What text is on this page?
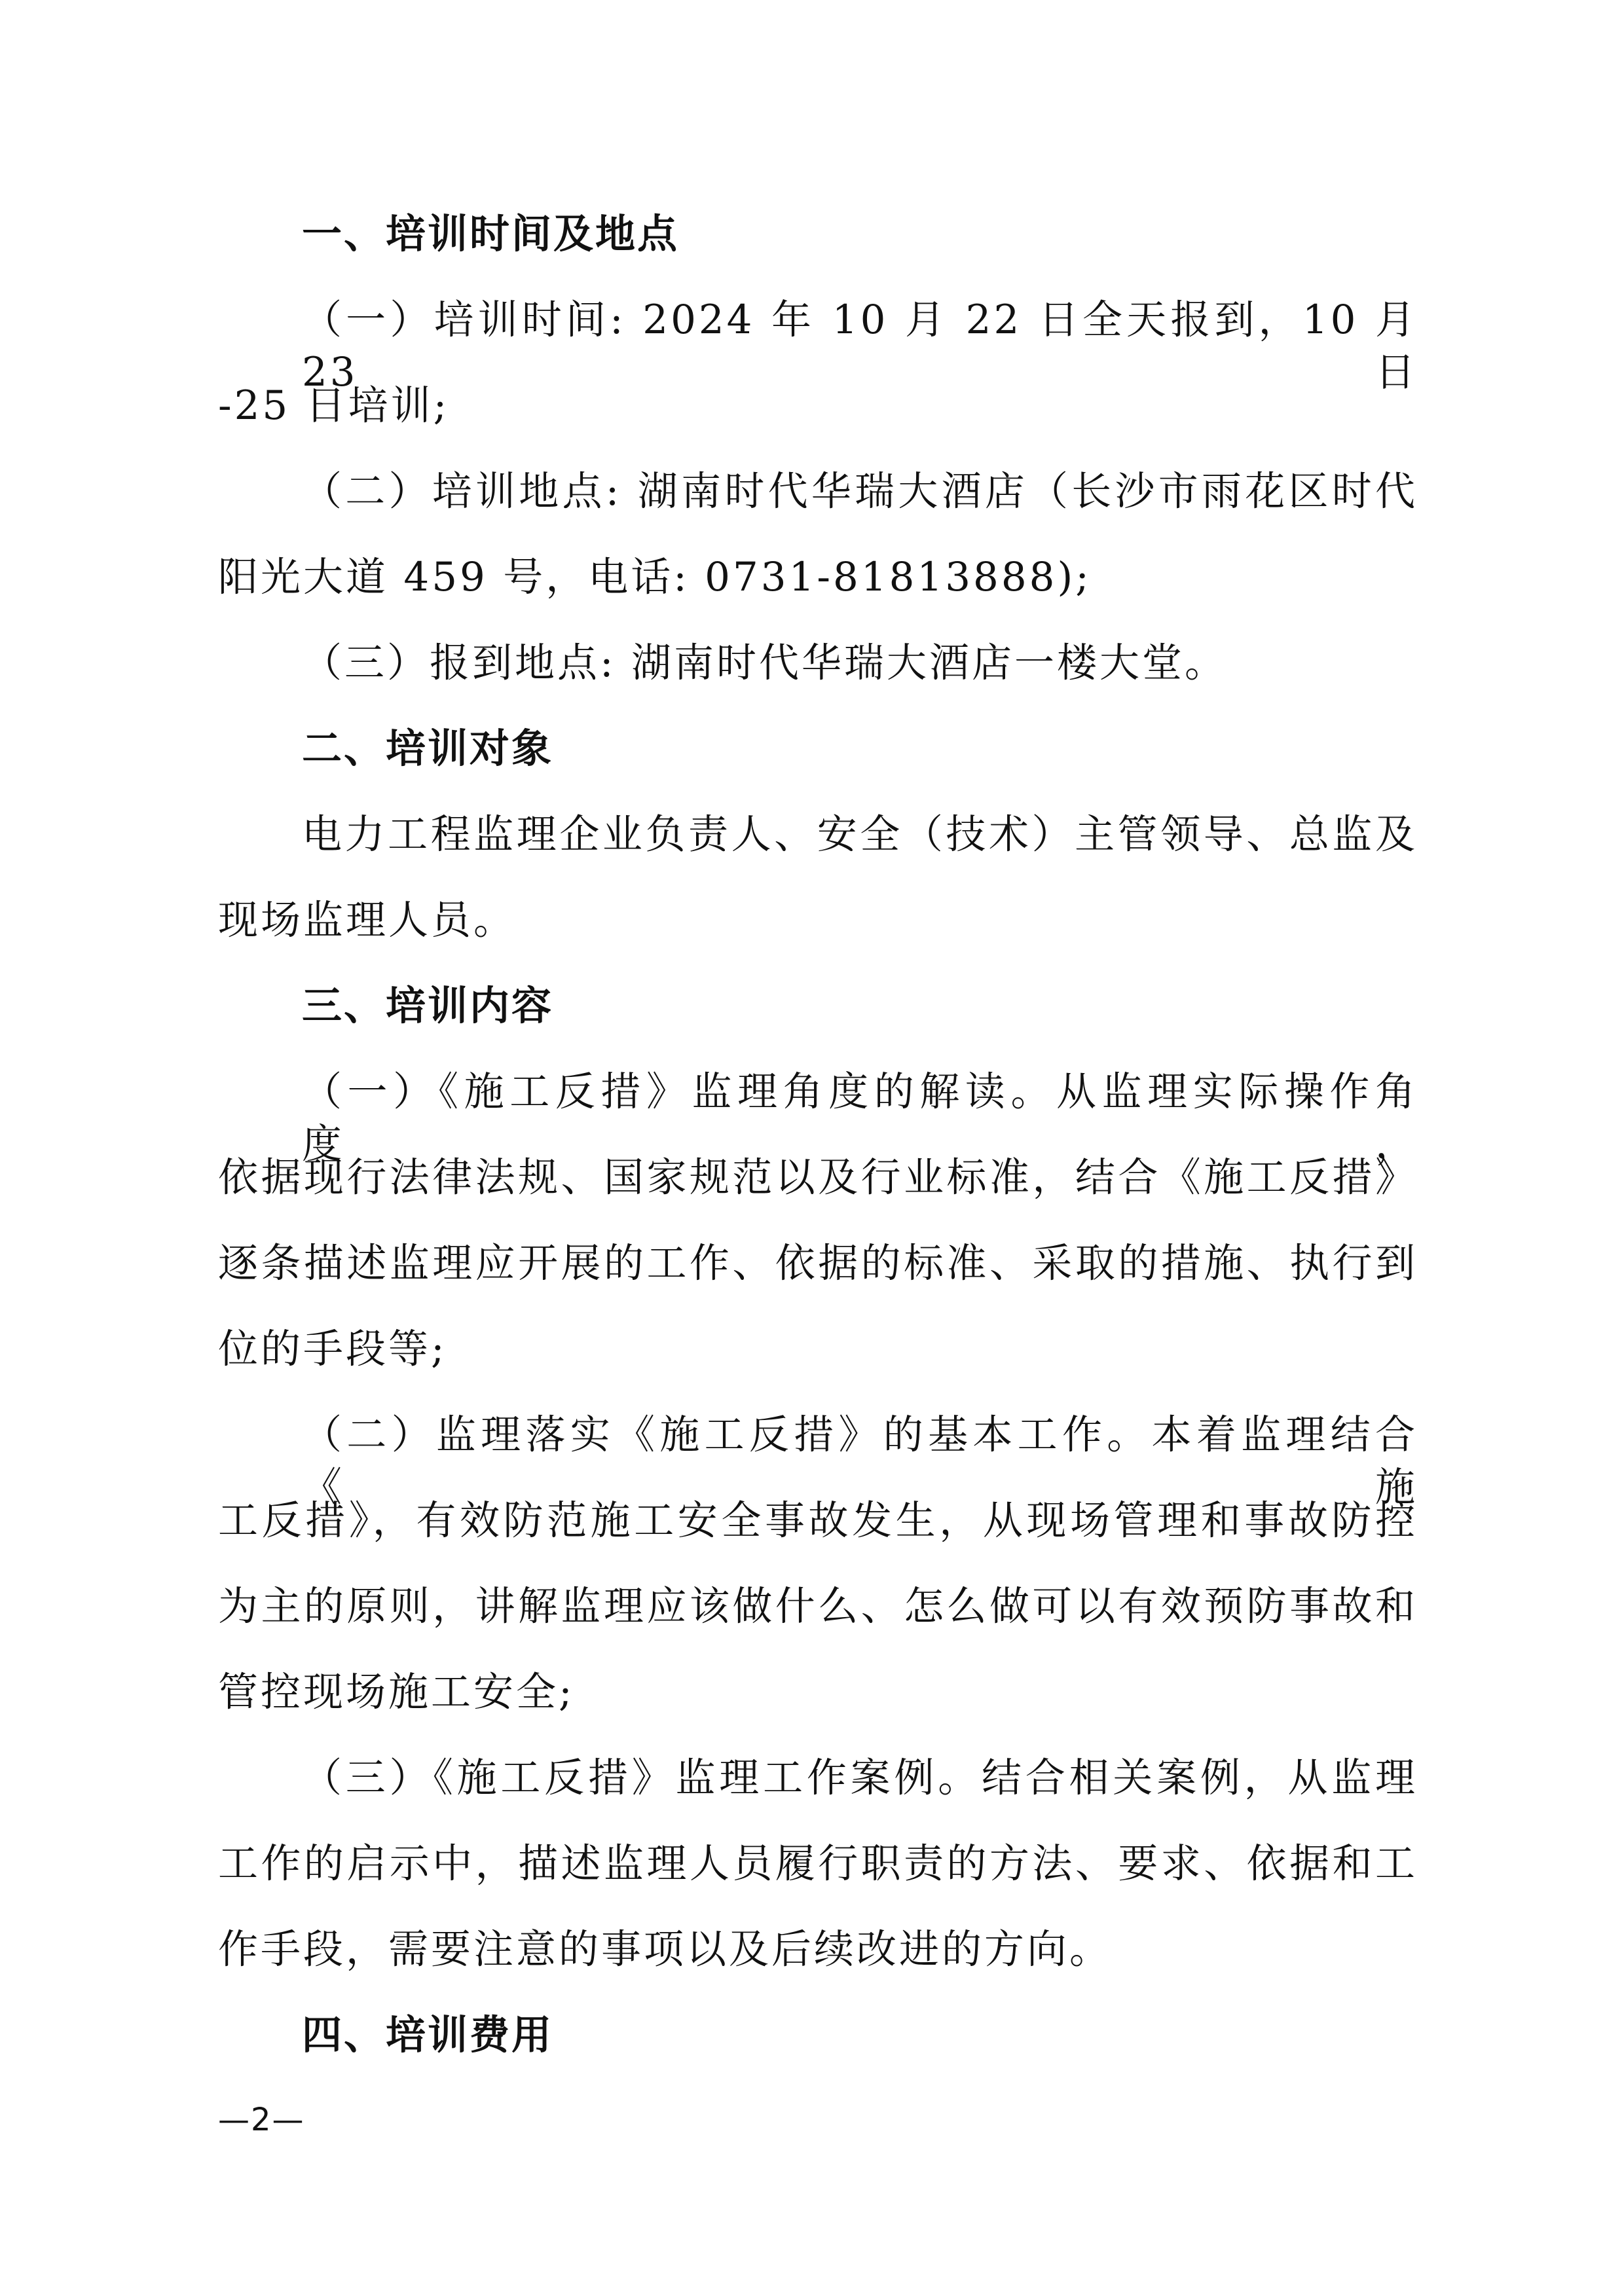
一、培训时间及地点
（一）培训时间: 2024 年 10 月 22 日全天报到，10 月 23 日
-25 日培训;
（二）培训地点: 湖南时代华瑞大酒店（长沙市雨花区时代
阳光大道 459 号，电话: 0731-81813888);
（三）报到地点: 湖南时代华瑞大酒店一楼大堂。
二、培训对象
电力工程监理企业负责人、安全（技术）主管领导、总监及
现场监理人员。
三、培训内容
（一）《施工反措》监理角度的解读。从监理实际操作角度，
依据现行法律法规、国家规范以及行业标准，结合《施工反措》
逐条描述监理应开展的工作、依据的标准、采取的措施、执行到
位的手段等;
（二）监理落实《施工反措》的基本工作。本着监理结合《施
工反措》，有效防范施工安全事故发生，从现场管理和事故防控
为主的原则，讲解监理应该做什么、怎么做可以有效预防事故和
管控现场施工安全;
（三）《施工反措》监理工作案例。结合相关案例，从监理
工作的启示中，描述监理人员履行职责的方法、要求、依据和工
作手段，需要注意的事项以及后续改进的方向。
四、培训费用
—2—
